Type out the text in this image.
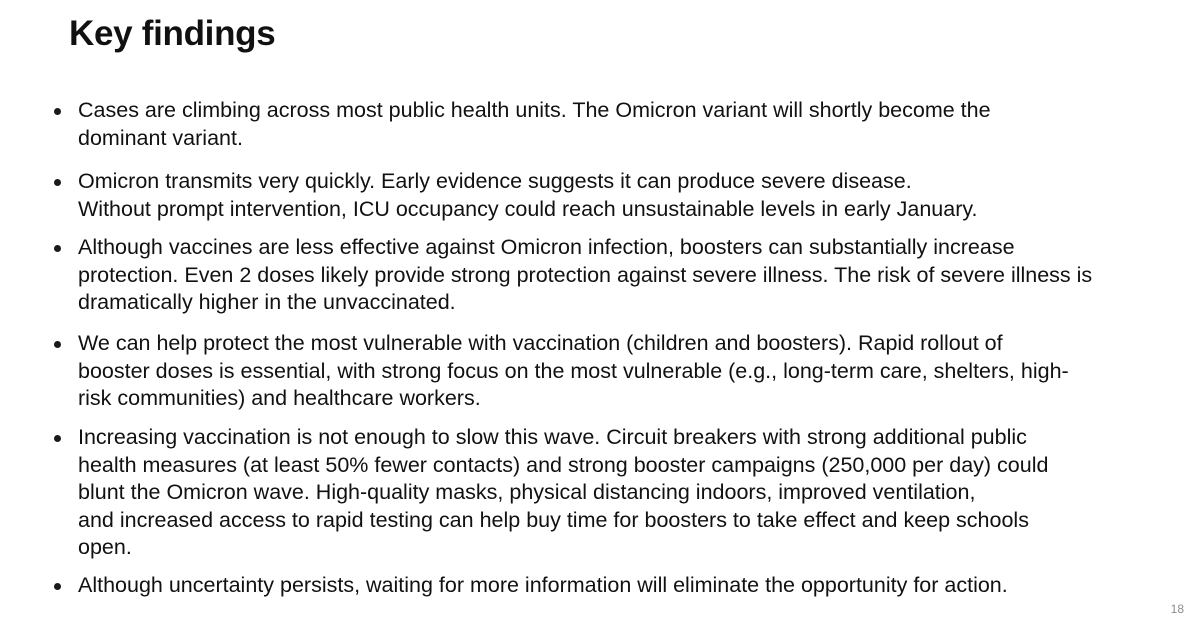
Key findings
Cases are climbing across most public health units. The Omicron variant will shortly become the
dominant variant.
Omicron transmits very quickly. Early evidence suggests it can produce severe disease.
Without prompt intervention, ICU occupancy could reach unsustainable levels in early January.
Although vaccines are less effective against Omicron infection, boosters can substantially increase
protection. Even 2 doses likely provide strong protection against severe illness. The risk of severe illness is
dramatically higher in the unvaccinated.
We can help protect the most vulnerable with vaccination (children and boosters). Rapid rollout of
booster doses is essential, with strong focus on the most vulnerable (e.g., long-term care, shelters, high-
risk communities) and healthcare workers.
Increasing vaccination is not enough to slow this wave. Circuit breakers with strong additional public
health measures (at least 50% fewer contacts) and strong booster campaigns (250,000 per day) could
blunt the Omicron wave. High-quality masks, physical distancing indoors, improved ventilation,
and increased access to rapid testing can help buy time for boosters to take effect and keep schools
open.
Although uncertainty persists, waiting for more information will eliminate the opportunity for action.
18
